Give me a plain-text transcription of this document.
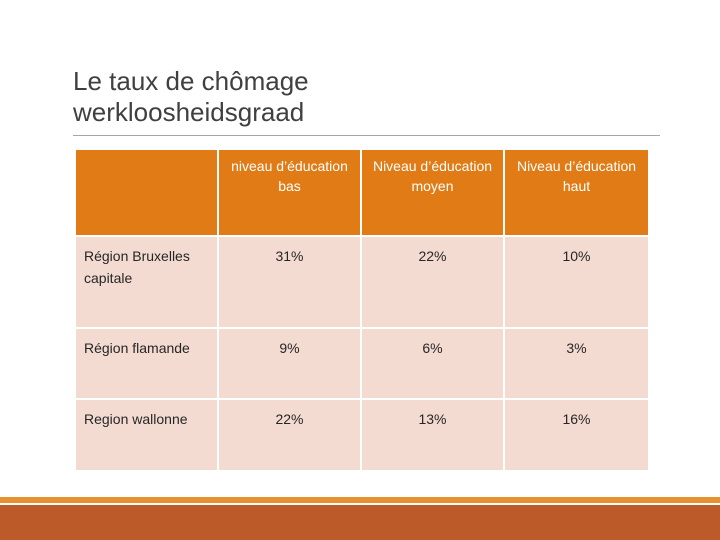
Le taux de chômage
werkloosheidsgraad
	niveau d’éducation bas	Niveau d’éducation moyen	Niveau d’éducation haut
Région Bruxelles capitale	31%	22%	10%
Région flamande	9%	6%	3%
Region wallonne	22%	13%	16%
